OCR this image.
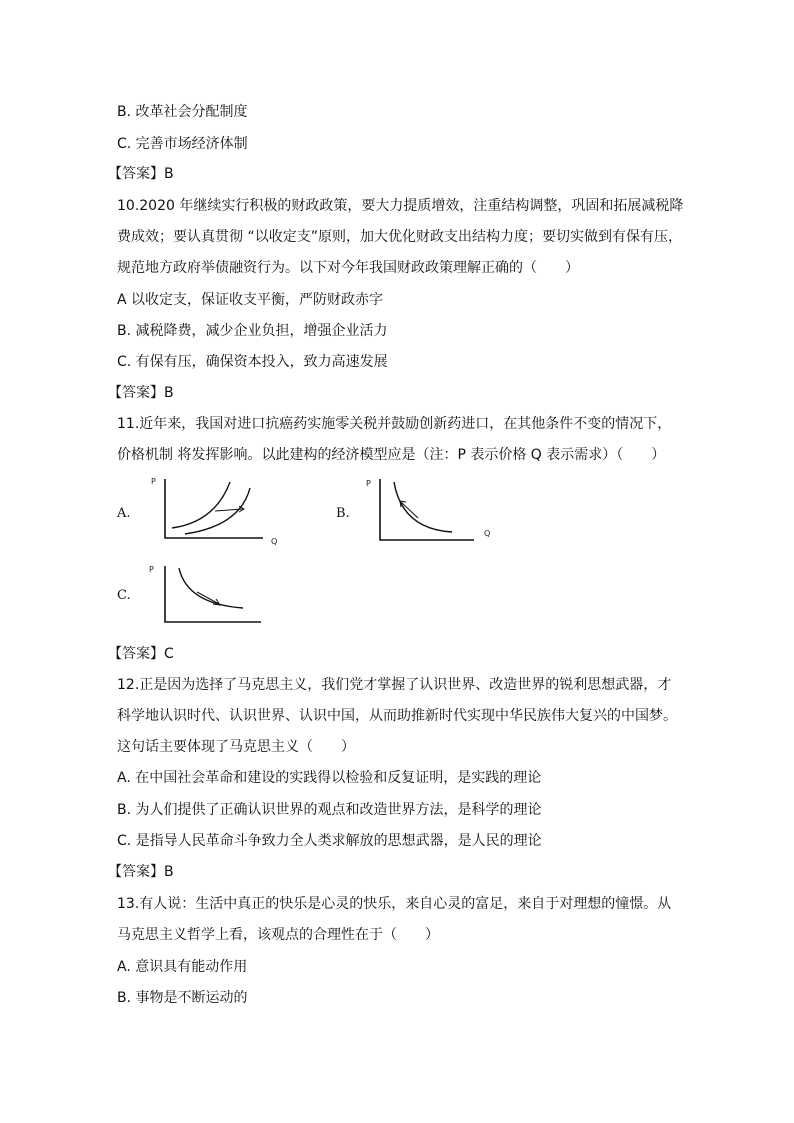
B. 改革社会分配制度
C. 完善市场经济体制
【答案】B
10.2020 年继续实行积极的财政政策，要大力提质增效，注重结构调整，巩固和拓展减税降
费成效；要认真贯彻 “以收定支”原则，加大优化财政支出结构力度；要切实做到有保有压，
规范地方政府举债融资行为。以下对今年我国财政政策理解正确的（　　）
A 以收定支，保证收支平衡，严防财政赤字
B. 减税降费，减少企业负担，增强企业活力
C. 有保有压，确保资本投入，致力高速发展
【答案】B
11.近年来，我国对进口抗癌药实施零关税并鼓励创新药进口，在其他条件不变的情况下，
价格机制 将发挥影响。以此建构的经济模型应是（注：P 表示价格 Q 表示需求）（　　）
A.
P
Q
B.
P
Q
C.
P
【答案】C
12.正是因为选择了马克思主义，我们党才掌握了认识世界、改造世界的锐利思想武器，才
科学地认识时代、认识世界、认识中国，从而助推新时代实现中华民族伟大复兴的中国梦。
这句话主要体现了马克思主义（　　）
A. 在中国社会革命和建设的实践得以检验和反复证明，是实践的理论
B. 为人们提供了正确认识世界的观点和改造世界方法，是科学的理论
C. 是指导人民革命斗争致力全人类求解放的思想武器，是人民的理论
【答案】B
13.有人说：生活中真正的快乐是心灵的快乐，来自心灵的富足，来自于对理想的憧憬。从
马克思主义哲学上看，该观点的合理性在于（　　）
A. 意识具有能动作用
B. 事物是不断运动的
